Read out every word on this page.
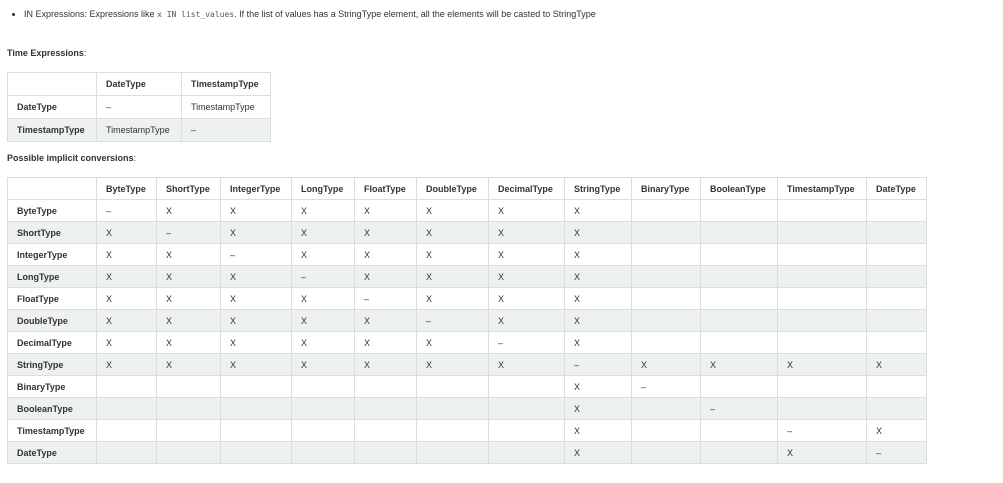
• IN Expressions: Expressions like x IN list_values. If the list of values has a StringType element, all the elements will be casted to StringType
Time Expressions:
	DateType	TimestampType
DateType	–	TimestampType
TimestampType	TimestampType	–
Possible implicit conversions:
	ByteType	ShortType	IntegerType	LongType	FloatType	DoubleType	DecimalType	StringType	BinaryType	BooleanType	TimestampType	DateType
ByteType	–	X	X	X	X	X	X	X				
ShortType	X	–	X	X	X	X	X	X				
IntegerType	X	X	–	X	X	X	X	X				
LongType	X	X	X	–	X	X	X	X				
FloatType	X	X	X	X	–	X	X	X				
DoubleType	X	X	X	X	X	–	X	X				
DecimalType	X	X	X	X	X	X	–	X				
StringType	X	X	X	X	X	X	X	–	X	X	X	X
BinaryType								X	–			
BooleanType								X		–		
TimestampType								X			–	X
DateType								X			X	–
